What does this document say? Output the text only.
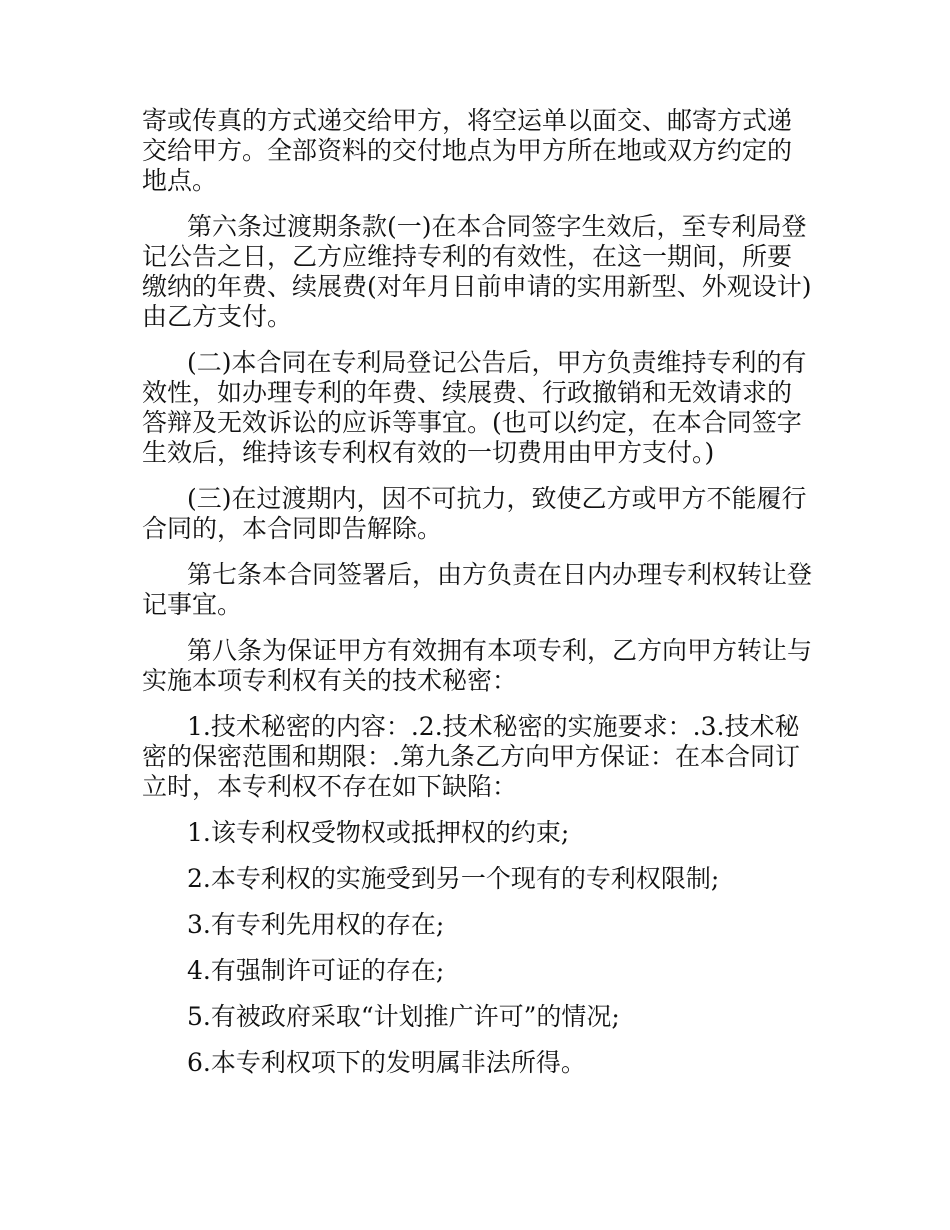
寄或传真的方式递交给甲方，将空运单以面交、邮寄方式递交给甲方。全部资料的交付地点为甲方所在地或双方约定的地点。

第六条过渡期条款(一)在本合同签字生效后，至专利局登记公告之日，乙方应维持专利的有效性，在这一期间，所要缴纳的年费、续展费(对年月日前申请的实用新型、外观设计)由乙方支付。

(二)本合同在专利局登记公告后，甲方负责维持专利的有效性，如办理专利的年费、续展费、行政撤销和无效请求的答辩及无效诉讼的应诉等事宜。(也可以约定，在本合同签字生效后，维持该专利权有效的一切费用由甲方支付。)

(三)在过渡期内，因不可抗力，致使乙方或甲方不能履行合同的，本合同即告解除。

第七条本合同签署后，由方负责在日内办理专利权转让登记事宜。

第八条为保证甲方有效拥有本项专利，乙方向甲方转让与实施本项专利权有关的技术秘密：

1.技术秘密的内容：.2.技术秘密的实施要求：.3.技术秘密的保密范围和期限：.第九条乙方向甲方保证：在本合同订立时，本专利权不存在如下缺陷：

1.该专利权受物权或抵押权的约束;

2.本专利权的实施受到另一个现有的专利权限制;

3.有专利先用权的存在;

4.有强制许可证的存在;

5.有被政府采取“计划推广许可”的情况;

6.本专利权项下的发明属非法所得。
